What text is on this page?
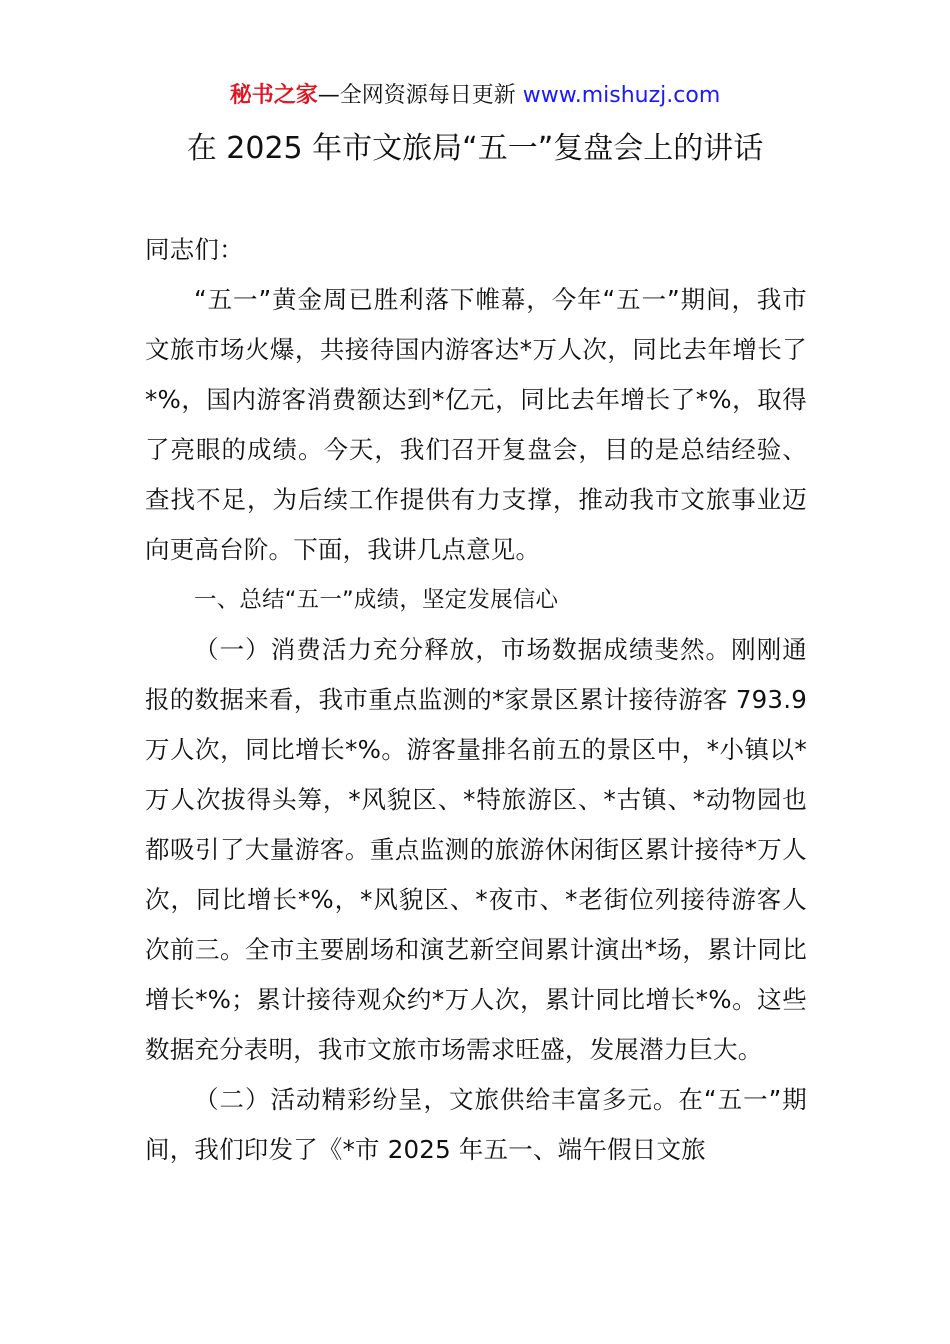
秘书之家—全网资源每日更新 www.mishuzj.com
在 2025 年市文旅局“五一”复盘会上的讲话

同志们：

“五一”黄金周已胜利落下帷幕，今年“五一”期间，我市文旅市场火爆，共接待国内游客达*万人次，同比去年增长了*%，国内游客消费额达到*亿元，同比去年增长了*%，取得了亮眼的成绩。今天，我们召开复盘会，目的是总结经验、查找不足，为后续工作提供有力支撑，推动我市文旅事业迈向更高台阶。下面，我讲几点意见。

一、总结“五一”成绩，坚定发展信心

（一）消费活力充分释放，市场数据成绩斐然。刚刚通报的数据来看，我市重点监测的*家景区累计接待游客 793.9 万人次，同比增长*%。游客量排名前五的景区中，*小镇以*万人次拔得头筹，*风貌区、*特旅游区、*古镇、*动物园也都吸引了大量游客。重点监测的旅游休闲街区累计接待*万人次，同比增长*%，*风貌区、*夜市、*老街位列接待游客人次前三。全市主要剧场和演艺新空间累计演出*场，累计同比增长*%；累计接待观众约*万人次，累计同比增长*%。这些数据充分表明，我市文旅市场需求旺盛，发展潜力巨大。

（二）活动精彩纷呈，文旅供给丰富多元。在“五一”期间，我们印发了《*市 2025 年五一、端午假日文旅
